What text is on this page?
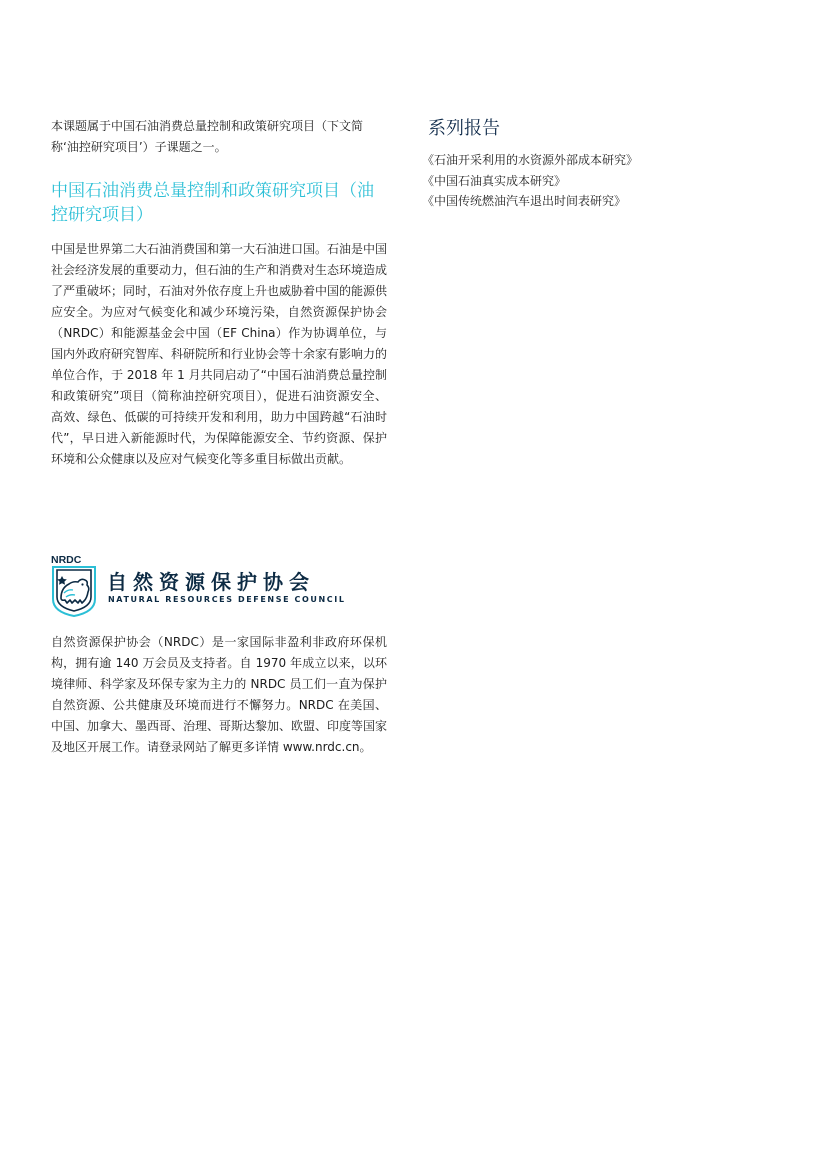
本课题属于中国石油消费总量控制和政策研究项目（下文简称‘油控研究项目’）子课题之一。

中国石油消费总量控制和政策研究项目（油控研究项目）

中国是世界第二大石油消费国和第一大石油进口国。石油是中国社会经济发展的重要动力，但石油的生产和消费对生态环境造成了严重破坏；同时，石油对外依存度上升也威胁着中国的能源供应安全。为应对气候变化和减少环境污染，自然资源保护协会（NRDC）和能源基金会中国（EF China）作为协调单位，与国内外政府研究智库、科研院所和行业协会等十余家有影响力的单位合作，于 2018 年 1 月共同启动了“中国石油消费总量控制和政策研究”项目（简称油控研究项目），促进石油资源安全、高效、绿色、低碳的可持续开发和利用，助力中国跨越“石油时代”，早日进入新能源时代，为保障能源安全、节约资源、保护环境和公众健康以及应对气候变化等多重目标做出贡献。

系列报告
《石油开采利用的水资源外部成本研究》
《中国石油真实成本研究》
《中国传统燃油汽车退出时间表研究》
NRDC
自然资源保护协会
NATURAL RESOURCES DEFENSE COUNCIL

自然资源保护协会（NRDC）是一家国际非盈利非政府环保机构，拥有逾 140 万会员及支持者。自 1970 年成立以来，以环境律师、科学家及环保专家为主力的 NRDC 员工们一直为保护自然资源、公共健康及环境而进行不懈努力。NRDC 在美国、中国、加拿大、墨西哥、治理、哥斯达黎加、欧盟、印度等国家及地区开展工作。请登录网站了解更多详情 www.nrdc.cn。
